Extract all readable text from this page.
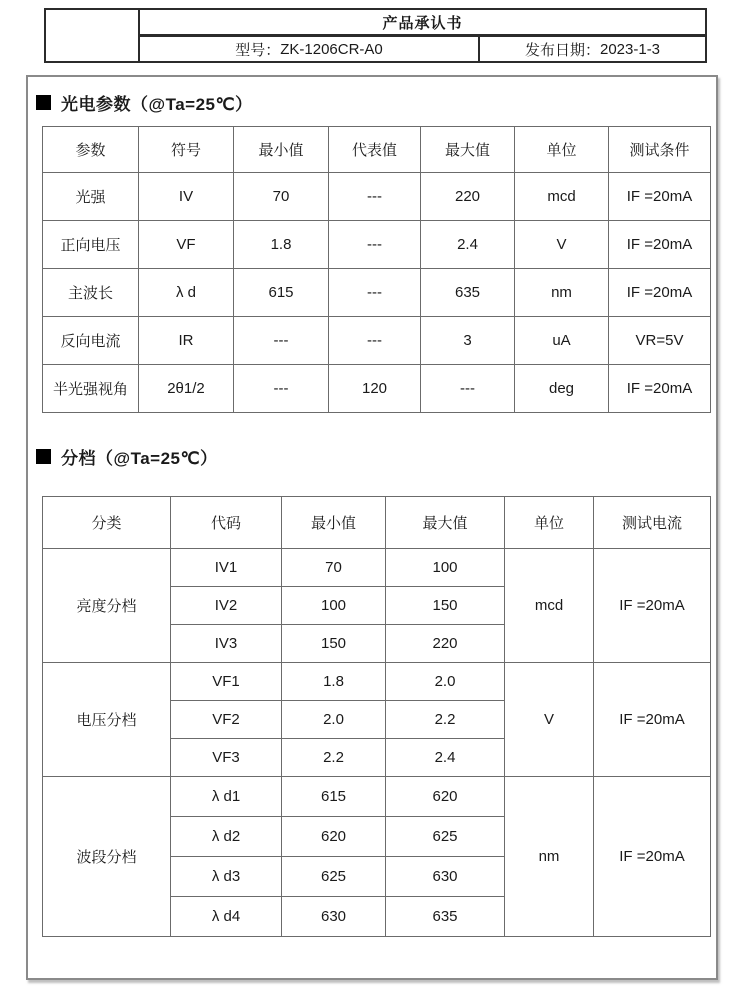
产品承认书
型号： ZK-1206CR-A0	发布日期： 2023-1-3
光电参数（@Ta=25℃）
参数	符号	最小值	代表值	最大值	单位	测试条件
光强	IV	70	---	220	mcd	IF =20mA
正向电压	VF	1.8	---	2.4	V	IF =20mA
主波长	λ d	615	---	635	nm	IF =20mA
反向电流	IR	---	---	3	uA	VR=5V
半光强视角	2θ1/2	---	120	---	deg	IF =20mA
分档（@Ta=25℃）
分类	代码	最小值	最大值	单位	测试电流
亮度分档	IV1	70	100	mcd	IF =20mA
	IV2	100	150		
	IV3	150	220		
电压分档	VF1	1.8	2.0	V	IF =20mA
	VF2	2.0	2.2		
	VF3	2.2	2.4		
波段分档	λ d1	615	620	nm	IF =20mA
	λ d2	620	625		
	λ d3	625	630		
	λ d4	630	635		
